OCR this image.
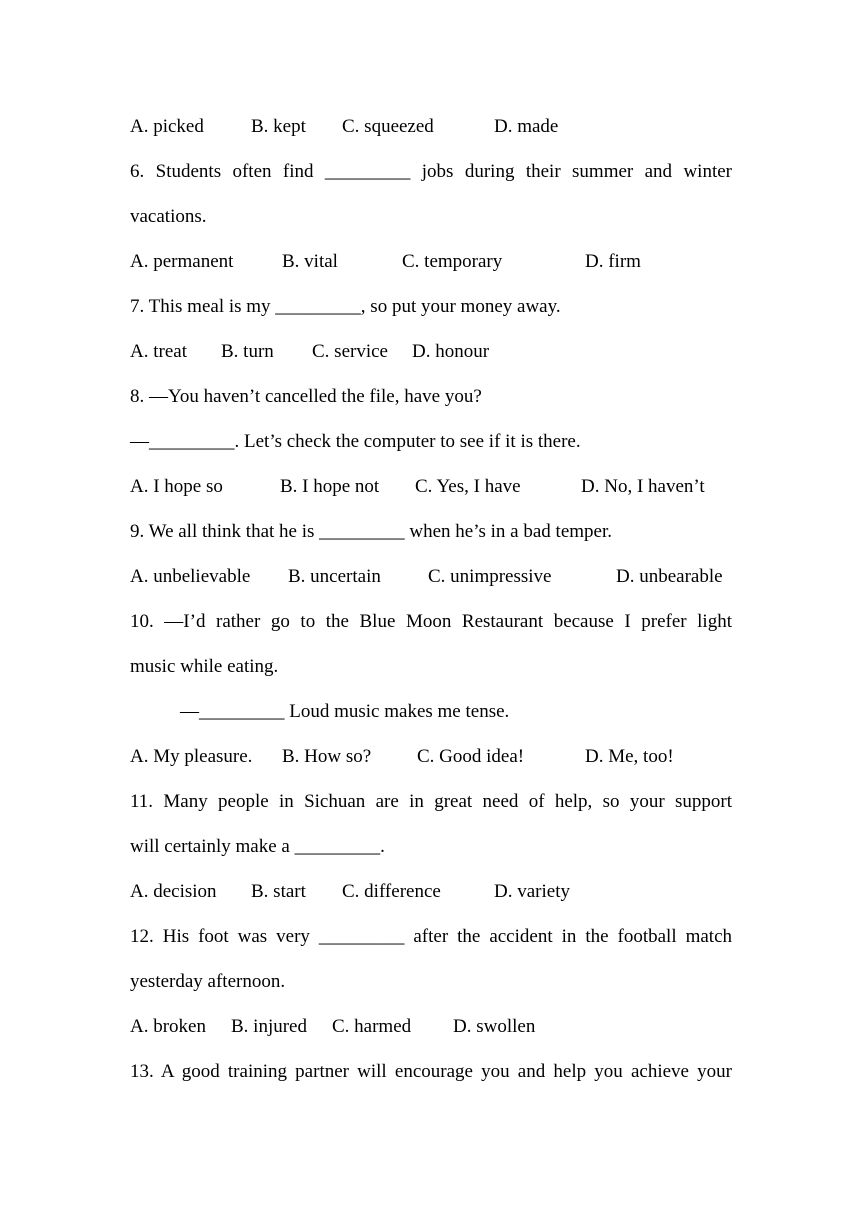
A. picked B. kept C. squeezed	D. made
6. Students often find _________ jobs during their summer and winter
vacations.
A. permanent	B. vital	C. temporary	D. firm
7. This meal is my _________, so put your money away.
A. treat B. turn C. service D. honour
8. —You haven’t cancelled the file, have you?
—_________. Let’s check the computer to see if it is there.
A. I hope so	B. I hope not C. Yes, I have	D. No, I haven’t
9. We all think that he is _________ when he’s in a bad temper.
A. unbelievable B. uncertain C. unimpressive	D. unbearable
10. —I’d rather go to the Blue Moon Restaurant because I prefer light
music while eating.
—_________ Loud music makes me tense.
A. My pleasure. B. How so? C. Good idea!	D. Me, too!
11. Many people in Sichuan are in great need of help, so your support
will certainly make a _________.
A. decision B. start C. difference	D. variety
12. His foot was very _________ after the accident in the football match
yesterday afternoon.
A. broken B. injured C. harmed D. swollen
13. A good training partner will encourage you and help you achieve your
